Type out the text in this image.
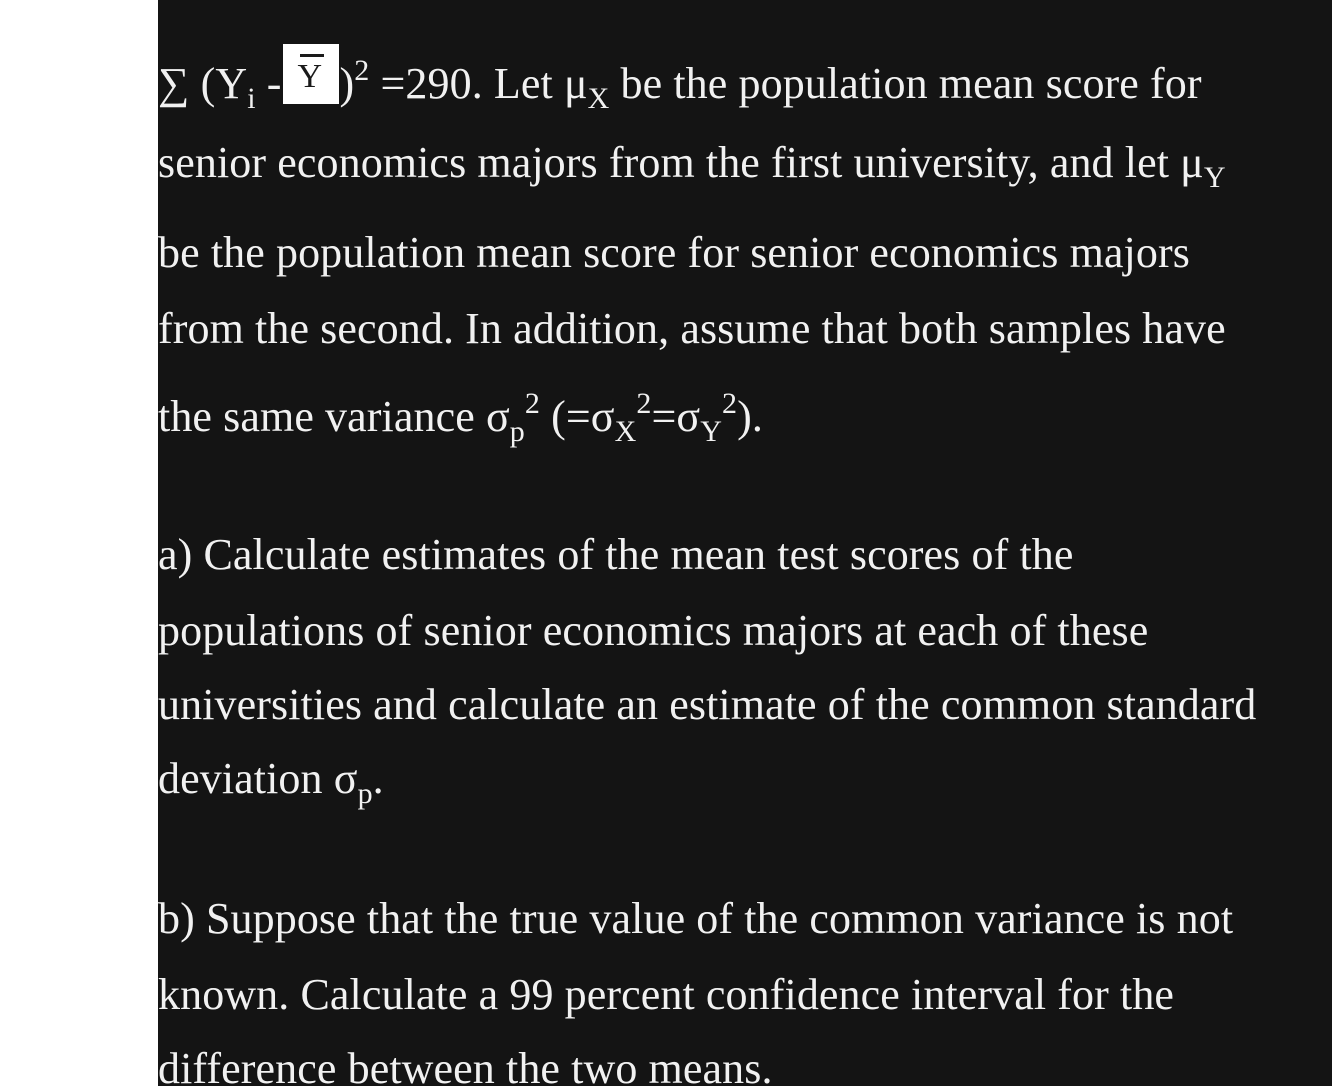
∑ ($Y_i$ - Y )$^2$ =290. Let $\mu_X$ be the population mean score for
senior economics majors from the first university, and let $\mu_Y$
be the population mean score for senior economics majors
from the second. In addition, assume that both samples have
the same variance $\sigma_p^2$ $(=\sigma_X^2=\sigma_Y^2)$.
a) Calculate estimates of the mean test scores of the
populations of senior economics majors at each of these
universities and calculate an estimate of the common standard
deviation $\sigma_p$.
b) Suppose that the true value of the common variance is not
known. Calculate a 99 percent confidence interval for the
difference between the two means.
